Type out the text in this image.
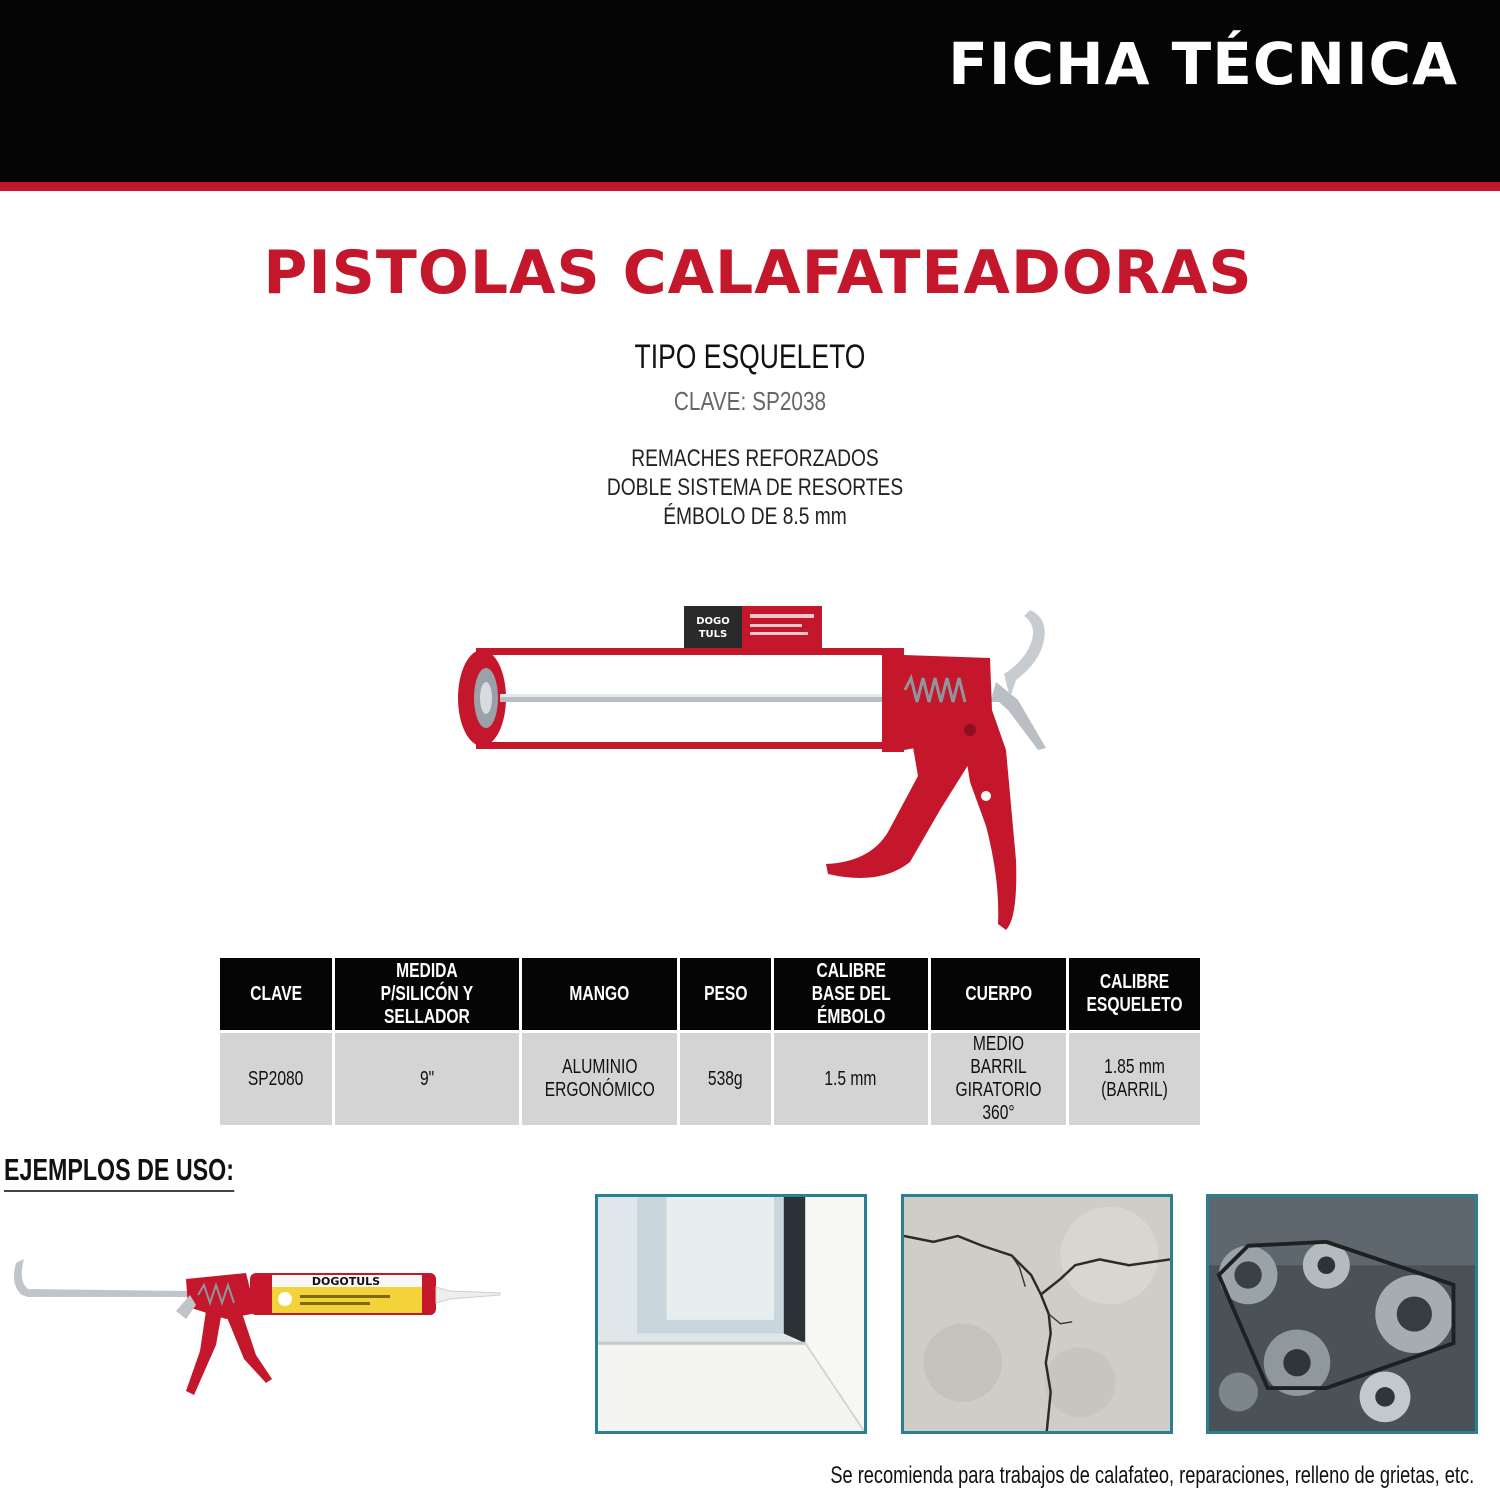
FICHA TÉCNICA
PISTOLAS CALAFATEADORAS
TIPO ESQUELETO
CLAVE: SP2038
REMACHES REFORZADOS
DOBLE SISTEMA DE RESORTES
ÉMBOLO DE 8.5 mm
DOGO
TULS
CLAVE	MEDIDA P/SILICÓN Y SELLADOR	MANGO	PESO	CALIBRE BASE DEL ÉMBOLO	CUERPO	CALIBRE ESQUELETO
SP2080	9"	ALUMINIO ERGONÓMICO	538g	1.5 mm	MEDIO BARRIL GIRATORIO 360°	1.85 mm (BARRIL)
EJEMPLOS DE USO:
DOGOTULS
Se recomienda para trabajos de calafateo, reparaciones, relleno de grietas, etc.
